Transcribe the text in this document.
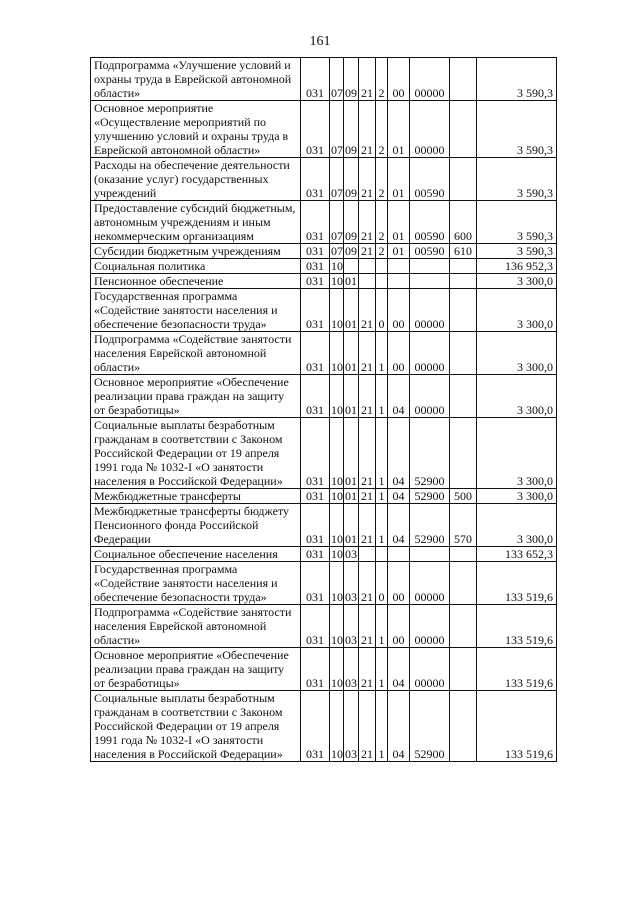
161
Подпрограмма «Улучшение условий и охраны труда в Еврейской автономной области»	031	07	09	21	2	00	00000		3 590,3
Основное мероприятие «Осуществление мероприятий по улучшению условий и охраны труда в Еврейской автономной области»	031	07	09	21	2	01	00000		3 590,3
Расходы на обеспечение деятельности (оказание услуг) государственных учреждений	031	07	09	21	2	01	00590		3 590,3
Предоставление субсидий бюджетным, автономным учреждениям и иным некоммерческим организациям	031	07	09	21	2	01	00590	600	3 590,3
Субсидии бюджетным учреждениям	031	07	09	21	2	01	00590	610	3 590,3
Социальная политика	031	10							136 952,3
Пенсионное обеспечение	031	10	01						3 300,0
Государственная программа «Содействие занятости населения и обеспечение безопасности труда»	031	10	01	21	0	00	00000		3 300,0
Подпрограмма «Содействие занятости населения Еврейской автономной области»	031	10	01	21	1	00	00000		3 300,0
Основное мероприятие «Обеспечение реализации права граждан на защиту от безработицы»	031	10	01	21	1	04	00000		3 300,0
Социальные выплаты безработным гражданам в соответствии с Законом Российской Федерации от 19 апреля 1991 года № 1032-I «О занятости населения в Российской Федерации»	031	10	01	21	1	04	52900		3 300,0
Межбюджетные трансферты	031	10	01	21	1	04	52900	500	3 300,0
Межбюджетные трансферты бюджету Пенсионного фонда Российской Федерации	031	10	01	21	1	04	52900	570	3 300,0
Социальное обеспечение населения	031	10	03						133 652,3
Государственная программа «Содействие занятости населения и обеспечение безопасности труда»	031	10	03	21	0	00	00000		133 519,6
Подпрограмма «Содействие занятости населения Еврейской автономной области»	031	10	03	21	1	00	00000		133 519,6
Основное мероприятие «Обеспечение реализации права граждан на защиту от безработицы»	031	10	03	21	1	04	00000		133 519,6
Социальные выплаты безработным гражданам в соответствии с Законом Российской Федерации от 19 апреля 1991 года № 1032-I «О занятости населения в Российской Федерации»	031	10	03	21	1	04	52900		133 519,6
